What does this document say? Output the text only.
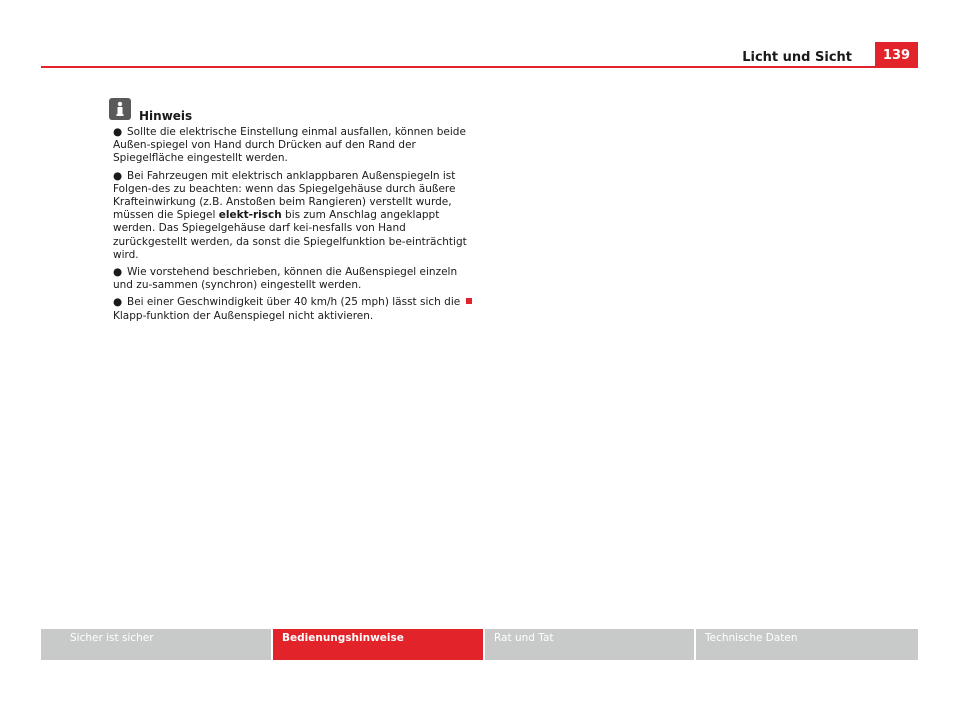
Licht und Sicht	139
Hinweis

● Sollte die elektrische Einstellung einmal ausfallen, können beide Außen-spiegel von Hand durch Drücken auf den Rand der Spiegelfläche eingestellt werden.

● Bei Fahrzeugen mit elektrisch anklappbaren Außenspiegeln ist Folgen-des zu beachten: wenn das Spiegelgehäuse durch äußere Krafteinwirkung (z.B. Anstoßen beim Rangieren) verstellt wurde, müssen die Spiegel elekt-risch bis zum Anschlag angeklappt werden. Das Spiegelgehäuse darf kei-nesfalls von Hand zurückgestellt werden, da sonst die Spiegelfunktion be-einträchtigt wird.

● Wie vorstehend beschrieben, können die Außenspiegel einzeln und zu-sammen (synchron) eingestellt werden.

● Bei einer Geschwindigkeit über 40 km/h (25 mph) lässt sich die Klapp-funktion der Außenspiegel nicht aktivieren.

Sicher ist sicher	Bedienungshinweise	Rat und Tat	Technische Daten
